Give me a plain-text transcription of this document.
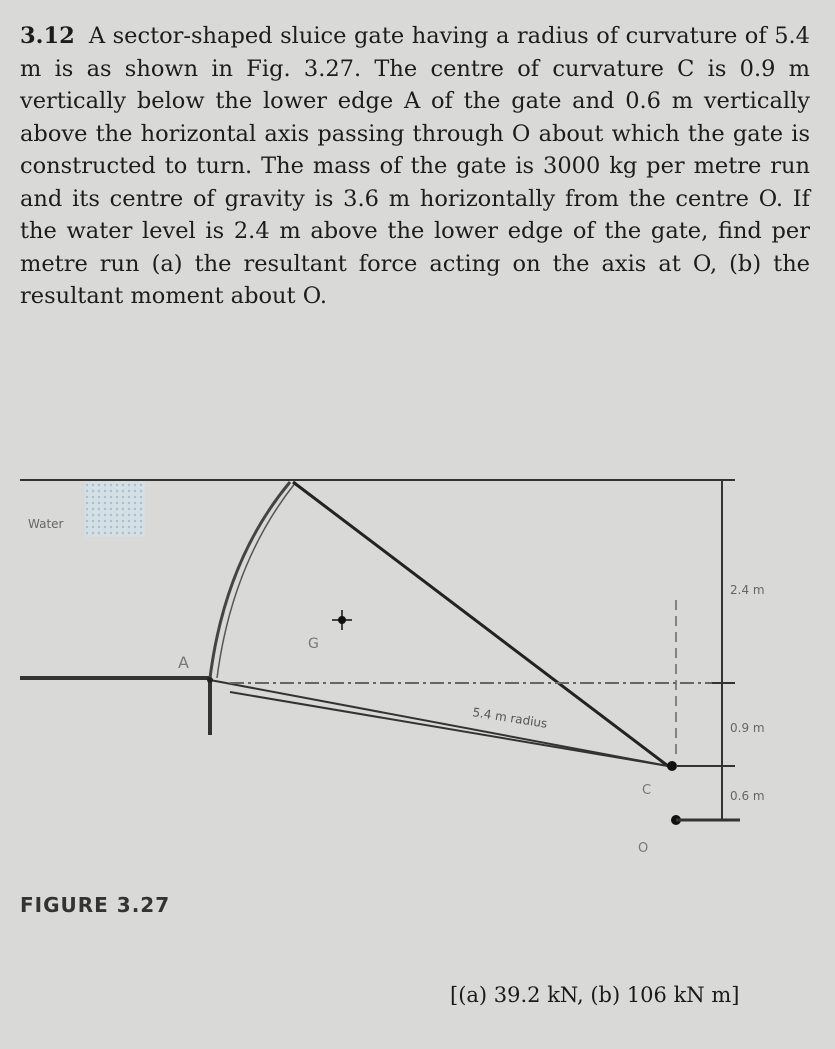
3.12 A sector-shaped sluice gate having a radius of curvature of 5.4 m is as shown in Fig. 3.27. The centre of curvature C is 0.9 m vertically below the lower edge A of the gate and 0.6 m vertically above the horizontal axis passing through O about which the gate is constructed to turn. The mass of the gate is 3000 kg per metre run and its centre of gravity is 3.6 m horizontally from the centre O. If the water level is 2.4 m above the lower edge of the gate, find per metre run (a) the resultant force acting on the axis at O, (b) the resultant moment about O.
Water
A
G
C
O
5.4 m radius
2.4 m
0.9 m
0.6 m
FIGURE 3.27
[(a) 39.2 kN, (b) 106 kN m]
